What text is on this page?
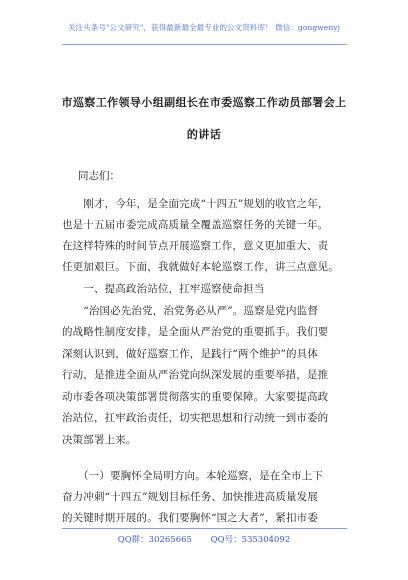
关注头条号"公文研究"，获得最新最全最专业的公文资料库！ 微信：gongwenyj
市巡察工作领导小组副组长在市委巡察工作动员部署会上
的讲话
同志们：
　　刚才，今年，是全面完成“十四五”规划的收官之年，
也是十五届市委完成高质量全覆盖巡察任务的关键一年。
在这样特殊的时间节点开展巡察工作，意义更加重大、责
任更加艰巨。下面，我就做好本轮巡察工作，讲三点意见。
　　一、提高政治站位，扛牢巡察使命担当
　　“治国必先治党，治党务必从严”。巡察是党内监督
的战略性制度安排，是全面从严治党的重要抓手。我们要
深刻认识到，做好巡察工作，是践行“两个维护”的具体
行动，是推进全面从严治党向纵深发展的重要举措，是推
动市委各项决策部署贯彻落实的重要保障。大家要提高政
治站位，扛牢政治责任，切实把思想和行动统一到市委的
决策部署上来。
　　（一）要胸怀全局明方向。本轮巡察，是在全市上下
奋力冲刺“十四五”规划目标任务、加快推进高质量发展
的关键时期开展的。我们要胸怀“国之大者”，紧扣市委
QQ群：30265665 QQ号：535304092
